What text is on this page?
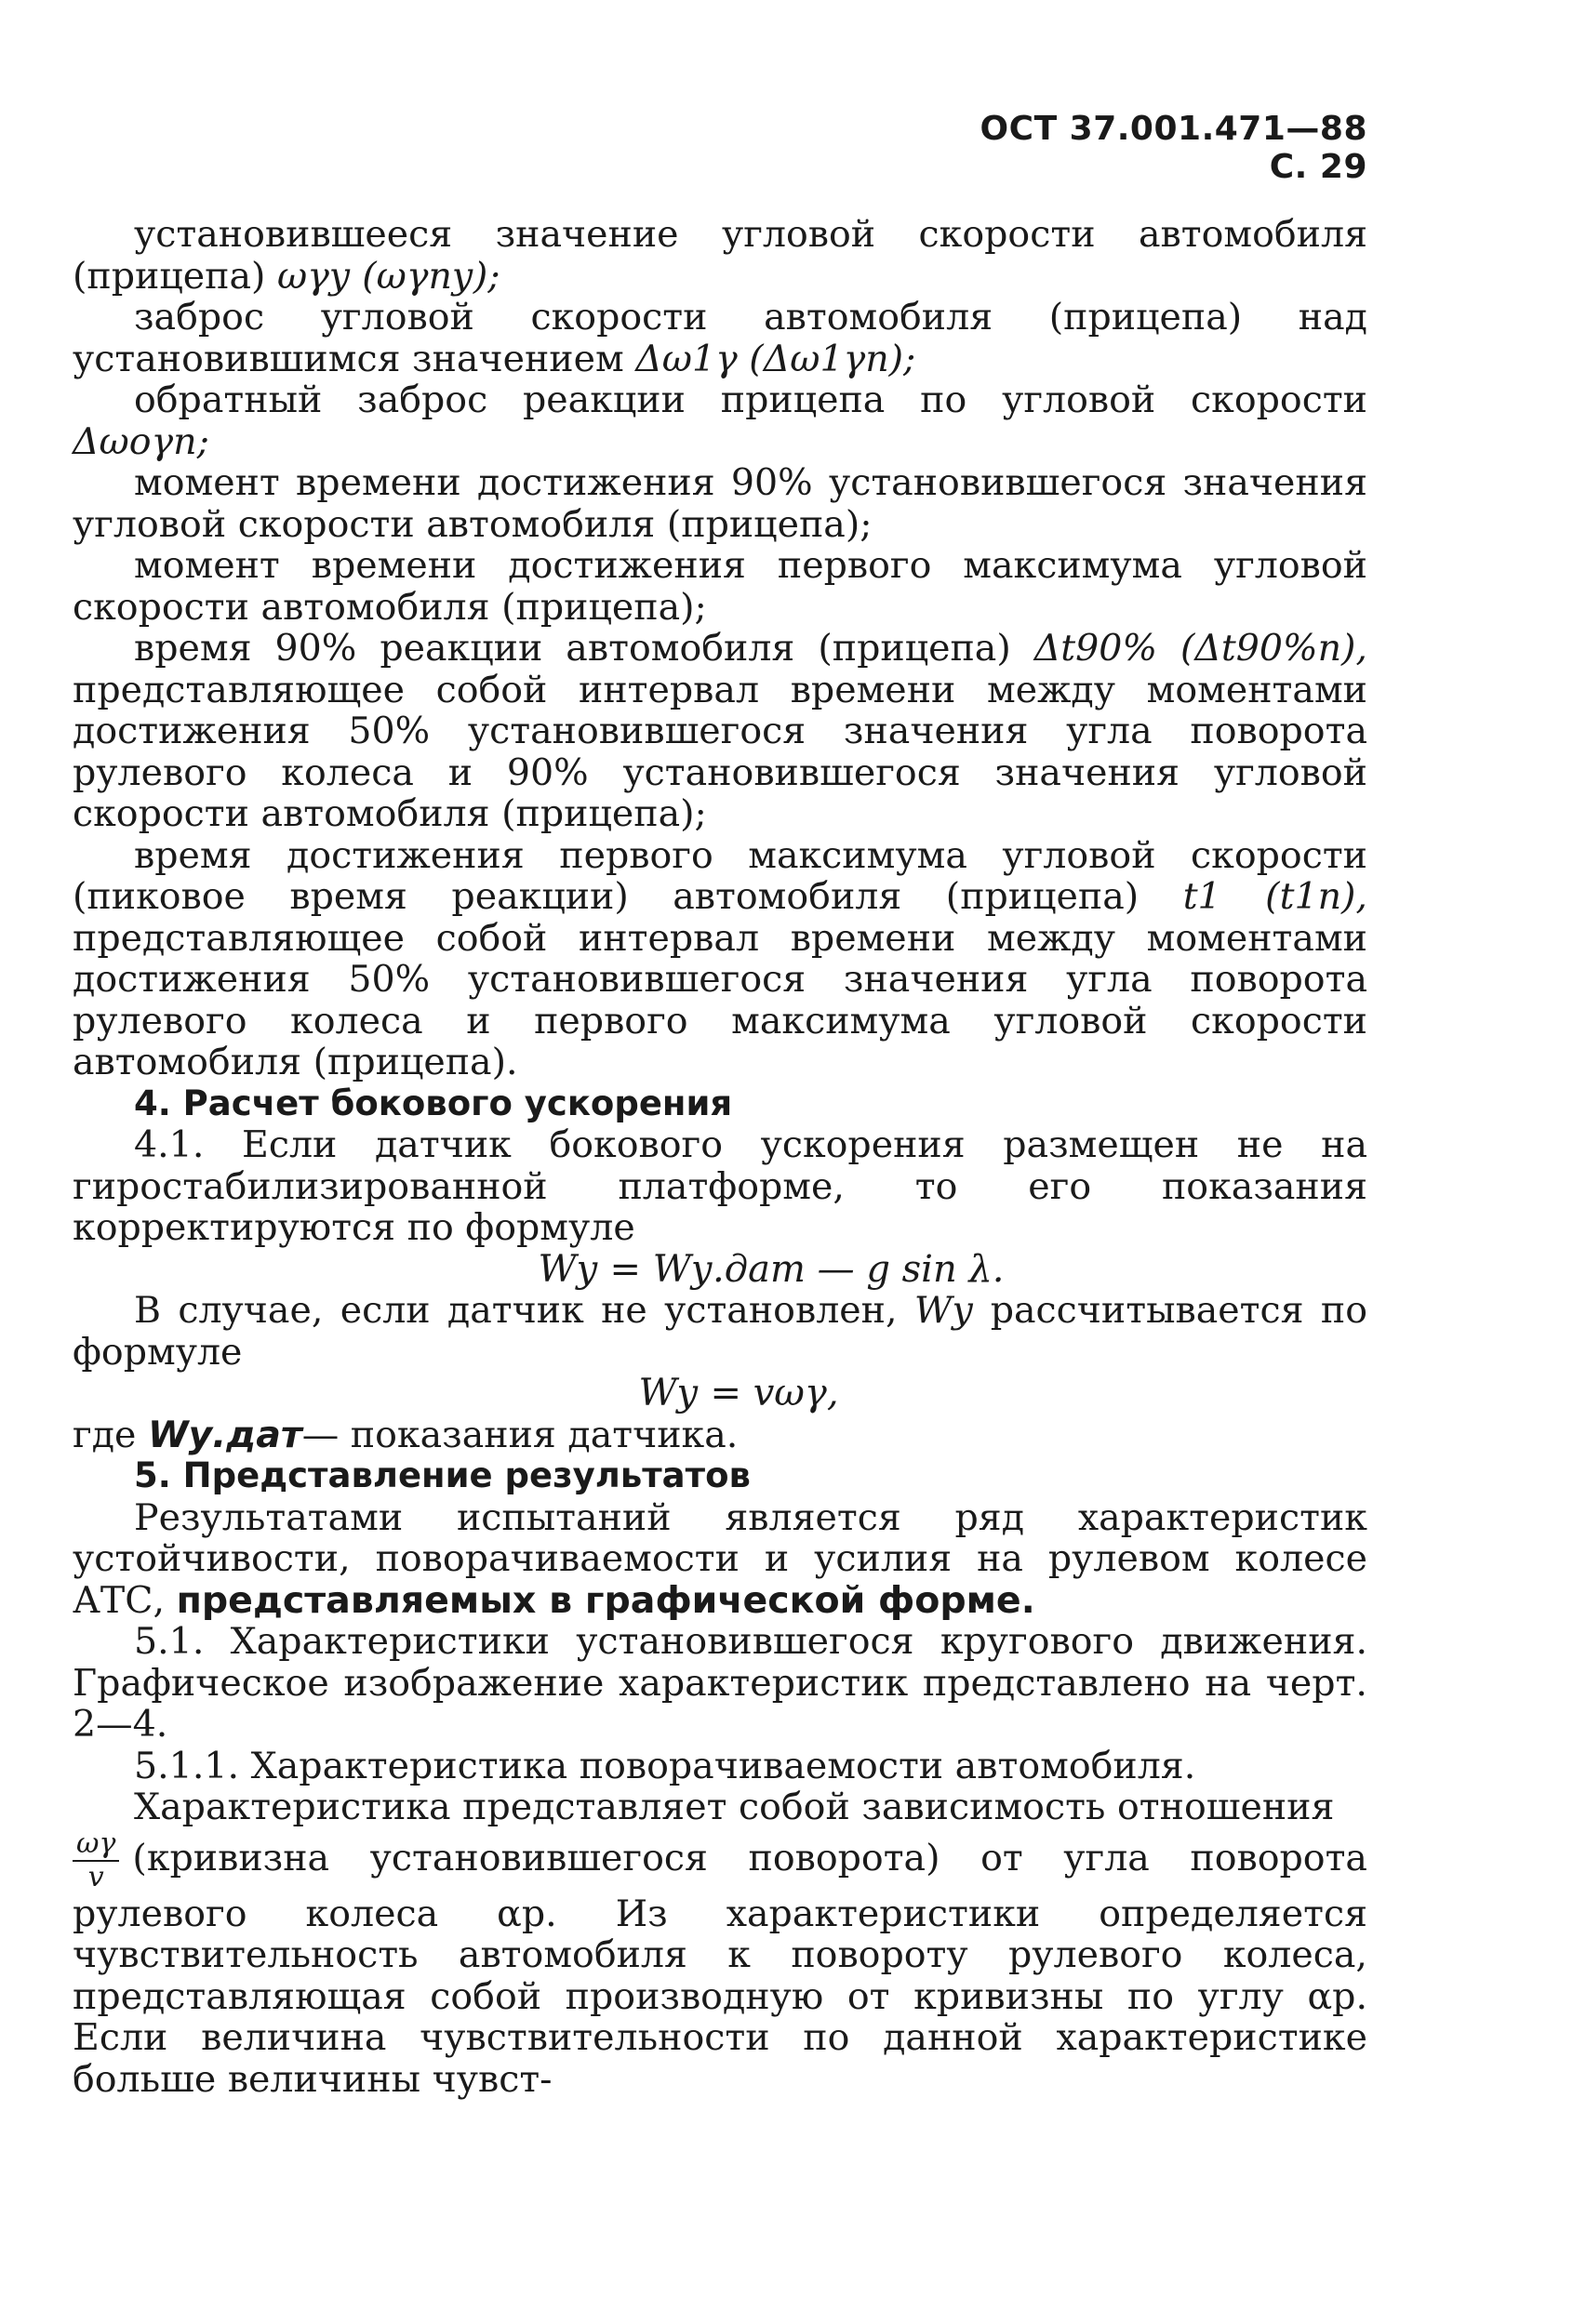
ОСТ 37.001.471—88 С. 29

установившееся значение угловой скорости автомобиля (прицепа) ωγу (ωγпу);

заброс угловой скорости автомобиля (прицепа) над установившимся значением Δω1γ (Δω1γп);

обратный заброс реакции прицепа по угловой скорости Δωoγп;

момент времени достижения 90% установившегося значения угловой скорости автомобиля (прицепа);

момент времени достижения первого максимума угловой скорости автомобиля (прицепа);

время 90% реакции автомобиля (прицепа) Δt90% (Δt90%п), представляющее собой интервал времени между моментами достижения 50% установившегося значения угла поворота рулевого колеса и 90% установившегося значения угловой скорости автомобиля (прицепа);

время достижения первого максимума угловой скорости (пиковое время реакции) автомобиля (прицепа) t1 (t1п), представляющее собой интервал времени между моментами достижения 50% установившегося значения угла поворота рулевого колеса и первого максимума угловой скорости автомобиля (прицепа).

4. Расчет бокового ускорения

4.1. Если датчик бокового ускорения размещен не на гиростабилизированной платформе, то его показания корректируются по формуле

Wу = Wу.дат — g sin λ.

В случае, если датчик не установлен, Wу рассчитывается по формуле

Wу = vωγ,

где Wу.дат— показания датчика.

5. Представление результатов

Результатами испытаний является ряд характеристик устойчивости, поворачиваемости и усилия на рулевом колесе АТС, представляемых в графической форме.

5.1. Характеристики установившегося кругового движения. Графическое изображение характеристик представлено на черт. 2—4.

5.1.1. Характеристика поворачиваемости автомобиля.

Характеристика представляет собой зависимость отношения

$\frac{\omega\gamma}{v}$ (кривизна установившегося поворота) от угла поворота рулевого колеса αр. Из характеристики определяется чувствительность автомобиля к повороту рулевого колеса, представляющая собой производную от кривизны по углу αр. Если величина чувствительности по данной характеристике больше величины чувст-
